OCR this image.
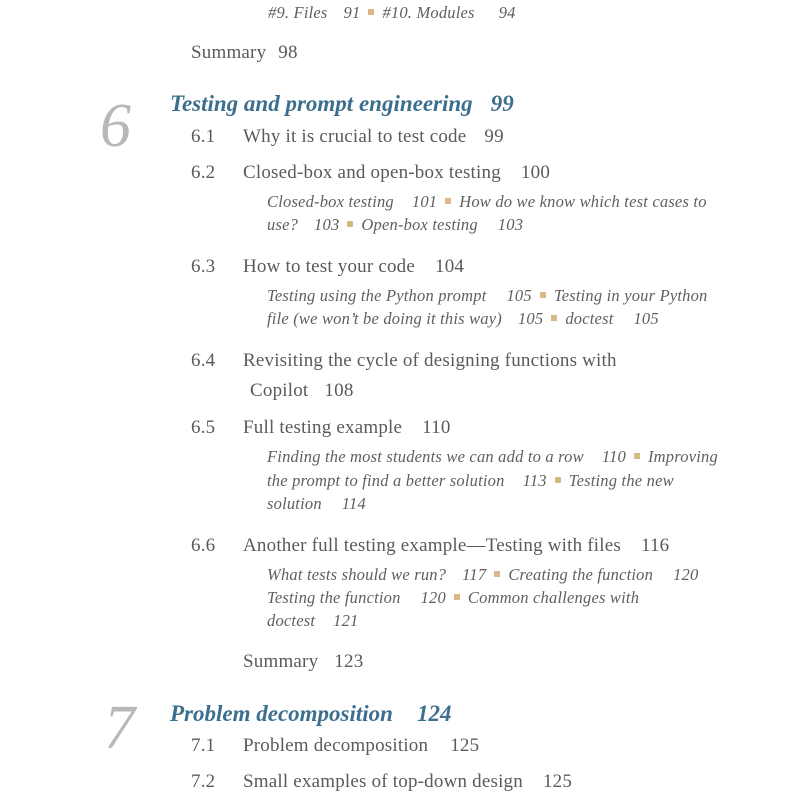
#9. Files 91 #10. Modules 94
Summary 98
6 Testing and prompt engineering 99
6.1 Why it is crucial to test code 99
6.2 Closed-box and open-box testing 100
Closed-box testing 101 How do we know which test cases to
use? 103 Open-box testing 103
6.3 How to test your code 104
Testing using the Python prompt 105 Testing in your Python
file (we won’t be doing it this way) 105 doctest 105
6.4 Revisiting the cycle of designing functions with
Copilot 108
6.5 Full testing example 110
Finding the most students we can add to a row 110 Improving
the prompt to find a better solution 113 Testing the new
solution 114
6.6 Another full testing example—Testing with files 116
What tests should we run? 117 Creating the function 120
Testing the function 120 Common challenges with
doctest 121
Summary 123
7 Problem decomposition 124
7.1 Problem decomposition 125
7.2 Small examples of top-down design 125
